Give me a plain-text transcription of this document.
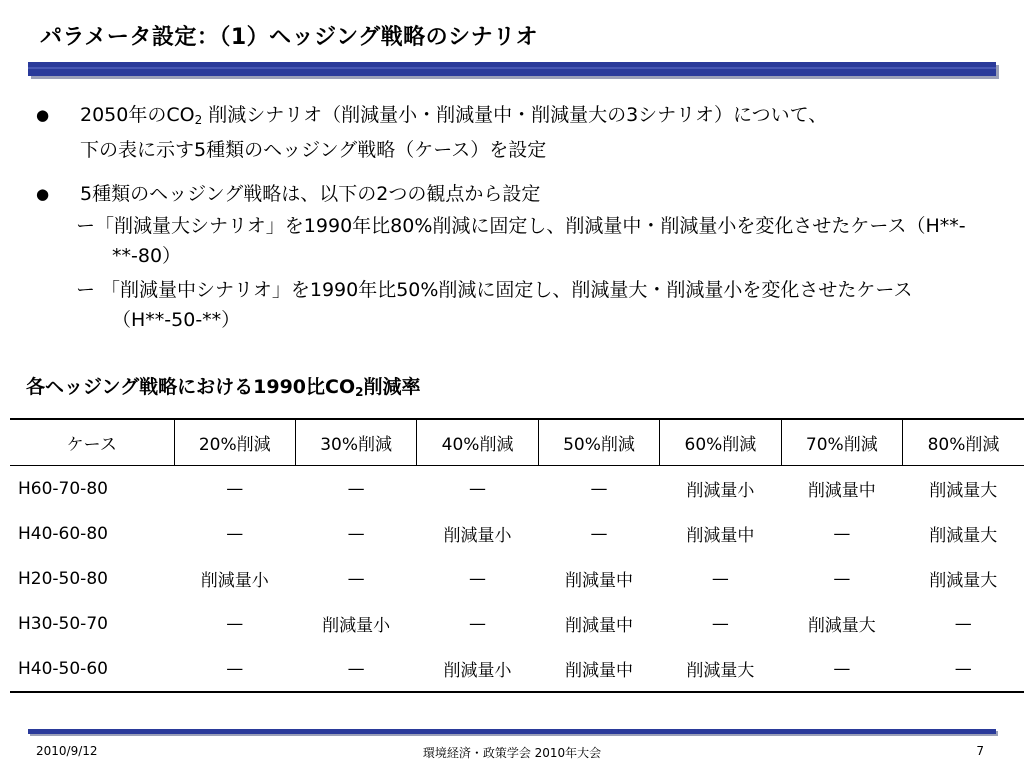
パラメータ設定：（1）ヘッジング戦略のシナリオ
● 2050年の$CO_2$ 削減シナリオ（削減量小・削減量中・削減量大の3シナリオ）について、
下の表に示す5種類のヘッジング戦略（ケース）を設定
● 5種類のヘッジング戦略は、以下の2つの観点から設定
ー「削減量大シナリオ」を1990年比80%削減に固定し、削減量中・削減量小を変化させたケース（H**-**-80）
ー 「削減量中シナリオ」を1990年比50%削減に固定し、削減量大・削減量小を変化させたケース（H**-50-**）
各ヘッジング戦略における1990比$CO_2$削減率
ケース	20%削減	30%削減	40%削減	50%削減	60%削減	70%削減	80%削減
H60-70-80	—	—	—	—	削減量小	削減量中	削減量大
H40-60-80	—	—	削減量小	—	削減量中	—	削減量大
H20-50-80	削減量小	—	—	削減量中	—	—	削減量大
H30-50-70	—	削減量小	—	削減量中	—	削減量大	—
H40-50-60	—	—	削減量小	削減量中	削減量大	—	—
2010/9/12	環境経済・政策学会 2010年大会	7
